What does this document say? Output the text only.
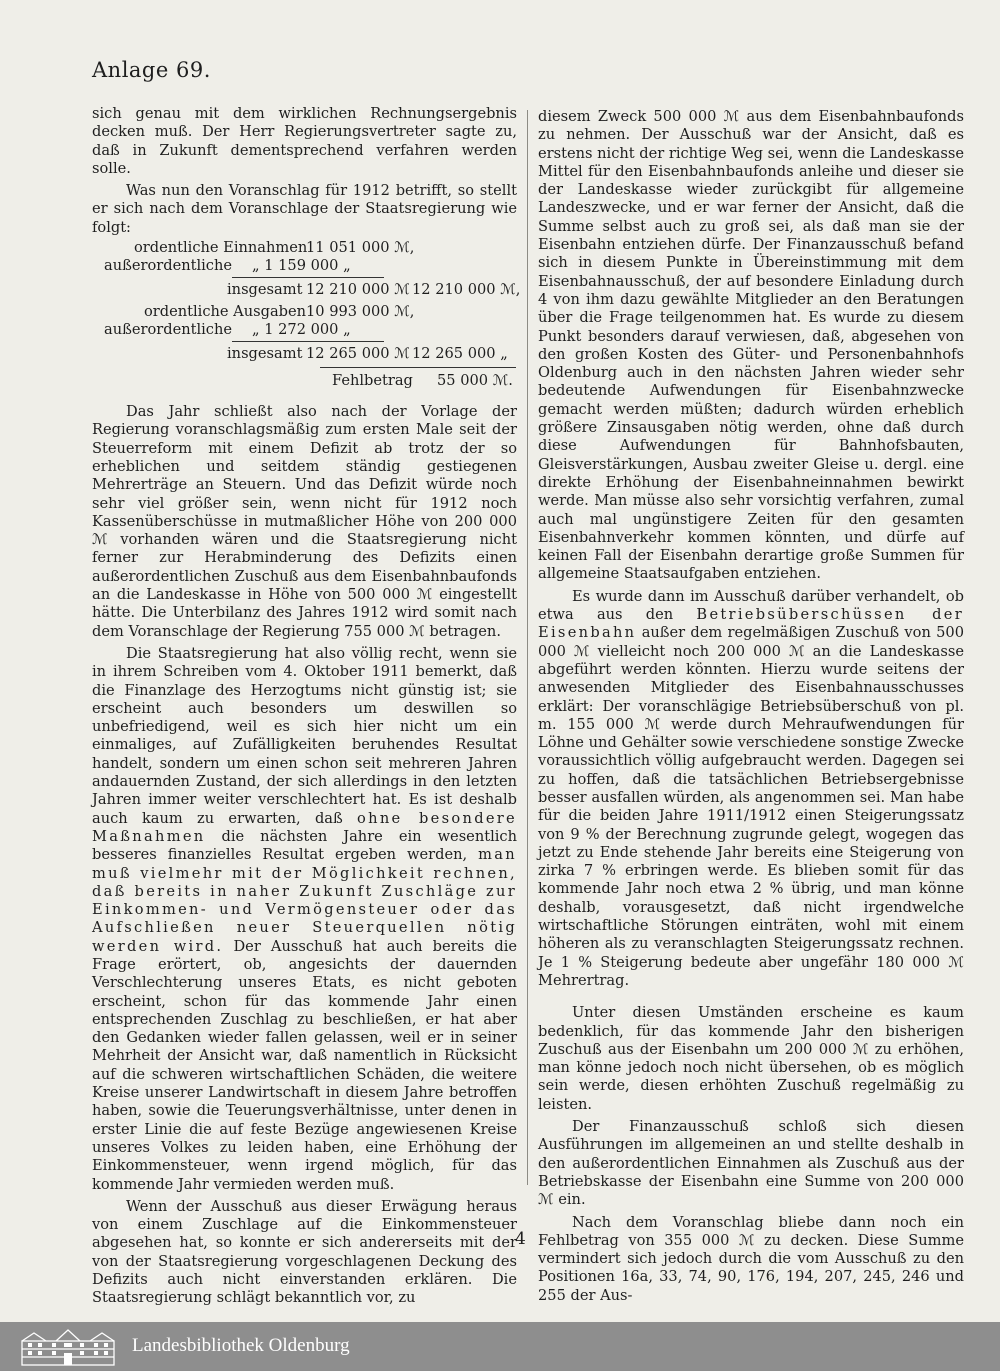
Anlage 69.

sich genau mit dem wirklichen Rechnungsergebnis decken muß. Der Herr Regierungsvertreter sagte zu, daß in Zukunft dementsprechend verfahren werden solle.

Was nun den Voranschlag für 1912 betrifft, so stellt er sich nach dem Voranschlage der Staatsregierung wie folgt:

ordentliche Einnahmen
11 051 000 ℳ,
außerordentliche „ 1 159 000 „
insgesamt 12 210 000 ℳ 12 210 000 ℳ,
ordentliche Ausgaben 10 993 000 ℳ,
außerordentliche „ 1 272 000 „
insgesamt 12 265 000 ℳ 12 265 000 „
Fehlbetrag 55 000 ℳ.

Das Jahr schließt also nach der Vorlage der Regierung voranschlagsmäßig zum ersten Male seit der Steuerreform mit einem Defizit ab trotz der so erheblichen und seitdem ständig gestiegenen Mehrerträge an Steuern. Und das Defizit würde noch sehr viel größer sein, wenn nicht für 1912 noch Kassenüberschüsse in mutmaßlicher Höhe von 200 000 ℳ vorhanden wären und die Staatsregierung nicht ferner zur Herabminderung des Defizits einen außerordentlichen Zuschuß aus dem Eisenbahnbaufonds an die Landeskasse in Höhe von 500 000 ℳ eingestellt hätte. Die Unterbilanz des Jahres 1912 wird somit nach dem Voranschlage der Regierung 755 000 ℳ betragen.

Die Staatsregierung hat also völlig recht, wenn sie in ihrem Schreiben vom 4. Oktober 1911 bemerkt, daß die Finanzlage des Herzogtums nicht günstig ist; sie erscheint auch besonders um deswillen so unbefriedigend, weil es sich hier nicht um ein einmaliges, auf Zufälligkeiten beruhendes Resultat handelt, sondern um einen schon seit mehreren Jahren andauernden Zustand, der sich allerdings in den letzten Jahren immer weiter verschlechtert hat. Es ist deshalb auch kaum zu erwarten, daß ohne besondere Maßnahmen die nächsten Jahre ein wesentlich besseres finanzielles Resultat ergeben werden, man muß vielmehr mit der Möglichkeit rechnen, daß bereits in naher Zukunft Zuschläge zur Einkommen- und Vermögensteuer oder das Aufschließen neuer Steuerquellen nötig werden wird. Der Ausschuß hat auch bereits die Frage erörtert, ob, angesichts der dauernden Verschlechterung unseres Etats, es nicht geboten erscheint, schon für das kommende Jahr einen entsprechenden Zuschlag zu beschließen, er hat aber den Gedanken wieder fallen gelassen, weil er in seiner Mehrheit der Ansicht war, daß namentlich in Rücksicht auf die schweren wirtschaftlichen Schäden, die weitere Kreise unserer Landwirtschaft in diesem Jahre betroffen haben, sowie die Teuerungsverhältnisse, unter denen in erster Linie die auf feste Bezüge angewiesenen Kreise unseres Volkes zu leiden haben, eine Erhöhung der Einkommensteuer, wenn irgend möglich, für das kommende Jahr vermieden werden muß.

Wenn der Ausschuß aus dieser Erwägung heraus von einem Zuschlage auf die Einkommensteuer abgesehen hat, so konnte er sich andererseits mit der von der Staatsregierung vorgeschlagenen Deckung des Defizits auch nicht einverstanden erklären. Die Staatsregierung schlägt bekanntlich vor, zu

diesem Zweck 500 000 ℳ aus dem Eisenbahnbaufonds zu nehmen. Der Ausschuß war der Ansicht, daß es erstens nicht der richtige Weg sei, wenn die Landeskasse Mittel für den Eisenbahnbaufonds anleihe und dieser sie der Landeskasse wieder zurückgibt für allgemeine Landeszwecke, und er war ferner der Ansicht, daß die Summe selbst auch zu groß sei, als daß man sie der Eisenbahn entziehen dürfe. Der Finanzausschuß befand sich in diesem Punkte in Übereinstimmung mit dem Eisenbahnausschuß, der auf besondere Einladung durch 4 von ihm dazu gewählte Mitglieder an den Beratungen über die Frage teilgenommen hat. Es wurde zu diesem Punkt besonders darauf verwiesen, daß, abgesehen von den großen Kosten des Güter- und Personenbahnhofs Oldenburg auch in den nächsten Jahren wieder sehr bedeutende Aufwendungen für Eisenbahnzwecke gemacht werden müßten; dadurch würden erheblich größere Zinsausgaben nötig werden, ohne daß durch diese Aufwendungen für Bahnhofsbauten, Gleisverstärkungen, Ausbau zweiter Gleise u. dergl. eine direkte Erhöhung der Eisenbahneinnahmen bewirkt werde. Man müsse also sehr vorsichtig verfahren, zumal auch mal ungünstigere Zeiten für den gesamten Eisenbahnverkehr kommen könnten, und dürfe auf keinen Fall der Eisenbahn derartige große Summen für allgemeine Staatsaufgaben entziehen.

Es wurde dann im Ausschuß darüber verhandelt, ob etwa aus den Betriebsüberschüssen der Eisenbahn außer dem regelmäßigen Zuschuß von 500 000 ℳ vielleicht noch 200 000 ℳ an die Landeskasse abgeführt werden könnten. Hierzu wurde seitens der anwesenden Mitglieder des Eisenbahnausschusses erklärt: Der voranschlägige Betriebsüberschuß von pl. m. 155 000 ℳ werde durch Mehraufwendungen für Löhne und Gehälter sowie verschiedene sonstige Zwecke voraussichtlich völlig aufgebraucht werden. Dagegen sei zu hoffen, daß die tatsächlichen Betriebsergebnisse besser ausfallen würden, als angenommen sei. Man habe für die beiden Jahre 1911/1912 einen Steigerungssatz von 9 % der Berechnung zugrunde gelegt, wogegen das jetzt zu Ende stehende Jahr bereits eine Steigerung von zirka 7 % erbringen werde. Es blieben somit für das kommende Jahr noch etwa 2 % übrig, und man könne deshalb, vorausgesetzt, daß nicht irgendwelche wirtschaftliche Störungen einträten, wohl mit einem höheren als zu veranschlagten Steigerungssatz rechnen. Je 1 % Steigerung bedeute aber ungefähr 180 000 ℳ Mehrertrag.

Unter diesen Umständen erscheine es kaum bedenklich, für das kommende Jahr den bisherigen Zuschuß aus der Eisenbahn um 200 000 ℳ zu erhöhen, man könne jedoch noch nicht übersehen, ob es möglich sein werde, diesen erhöhten Zuschuß regelmäßig zu leisten.

Der Finanzausschuß schloß sich diesen Ausführungen im allgemeinen an und stellte deshalb in den außerordentlichen Einnahmen als Zuschuß aus der Betriebskasse der Eisenbahn eine Summe von 200 000 ℳ ein.

Nach dem Voranschlag bliebe dann noch ein Fehlbetrag von 355 000 ℳ zu decken. Diese Summe vermindert sich jedoch durch die vom Ausschuß zu den Positionen 16a, 33, 74, 90, 176, 194, 207, 245, 246 und 255 der Aus-

4
Landesbibliothek Oldenburg
